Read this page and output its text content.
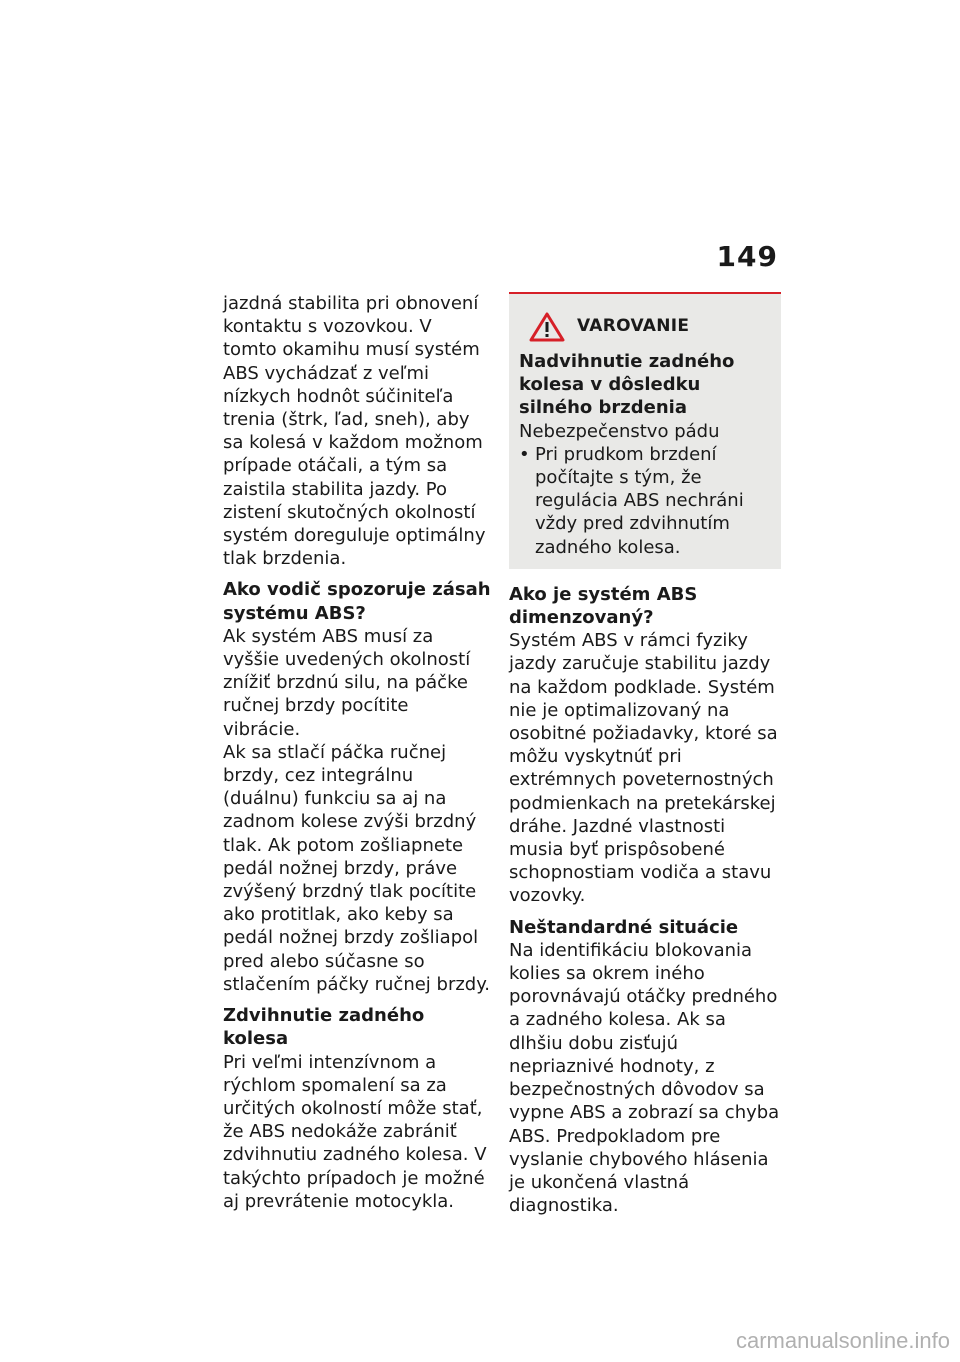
149

jazdná stabilita pri obnovení kontaktu s vozovkou. V tomto okamihu musí systém ABS vychádzať z veľmi nízkych hodnôt súčiniteľa trenia (štrk, ľad, sneh), aby sa kolesá v každom možnom prípade otáčali, a tým sa zaistila stabilita jazdy. Po zistení skutočných okolností systém doreguluje optimálny tlak brzdenia.

Ako vodič spozoruje zásah systému ABS?

Ak systém ABS musí za vyššie uvedených okolností znížiť brzdnú silu, na páčke ručnej brzdy pocítite vibrácie.

Ak sa stlačí páčka ručnej brzdy, cez integrálnu (duálnu) funkciu sa aj na zadnom kolese zvýši brzdný tlak. Ak potom zošliapnete pedál nožnej brzdy, práve zvýšený brzdný tlak pocítite ako protitlak, ako keby sa pedál nožnej brzdy zošliapol pred alebo súčasne so stlačením páčky ručnej brzdy.

Zdvihnutie zadného kolesa

Pri veľmi intenzívnom a rýchlom spomalení sa za určitých okolností môže stať, že ABS nedokáže zabrániť zdvihnutiu zadného kolesa. V takýchto prípadoch je možné aj prevrátenie motocykla.

VAROVANIE
Nadvihnutie zadného kolesa v dôsledku silného brzdenia
Nebezpečenstvo pádu
• Pri prudkom brzdení počítajte s tým, že regulácia ABS nechráni vždy pred zdvihnutím zadného kolesa.
Ako je systém ABS dimenzovaný?

Systém ABS v rámci fyziky jazdy zaručuje stabilitu jazdy na každom podklade. Systém nie je optimalizovaný na osobitné požiadavky, ktoré sa môžu vyskytnúť pri extrémnych poveternostných podmienkach na pretekárskej dráhe. Jazdné vlastnosti musia byť prispôsobené schopnostiam vodiča a stavu vozovky.

Neštandardné situácie

Na identifikáciu blokovania kolies sa okrem iného porovnávajú otáčky predného a zadného kolesa. Ak sa dlhšiu dobu zisťujú nepriaznivé hodnoty, z bezpečnostných dôvodov sa vypne ABS a zobrazí sa chyba ABS. Predpokladom pre vyslanie chybového hlásenia je ukončená vlastná diagnostika.

carmanualsonline.info
